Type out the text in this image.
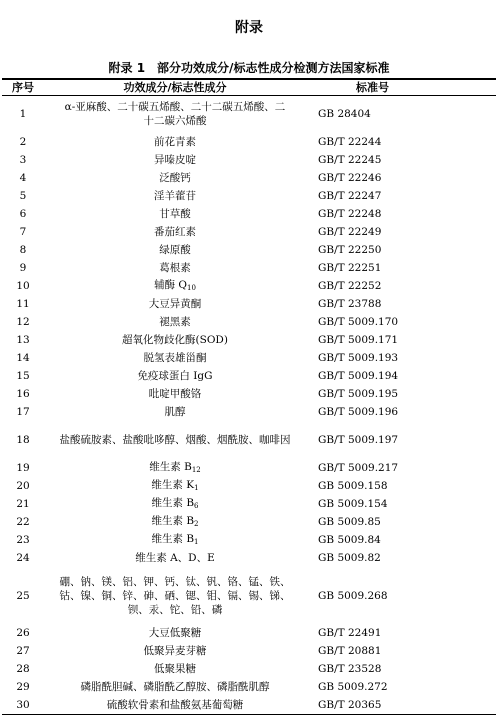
附录
附录 1　部分功效成分/标志性成分检测方法国家标准
序号	功效成分/标志性成分	标准号
1	α-亚麻酸、二十碳五烯酸、二十二碳五烯酸、二十二碳六烯酸	GB 28404
2	前花青素	GB/T 22244
3	异嗪皮啶	GB/T 22245
4	泛酸钙	GB/T 22246
5	淫羊藿苷	GB/T 22247
6	甘草酸	GB/T 22248
7	番茄红素	GB/T 22249
8	绿原酸	GB/T 22250
9	葛根素	GB/T 22251
10	辅酶 $Q_{10}$	GB/T 22252
11	大豆异黄酮	GB/T 23788
12	褪黑素	GB/T 5009.170
13	超氧化物歧化酶(SOD)	GB/T 5009.171
14	脱氢表雄甾酮	GB/T 5009.193
15	免疫球蛋白 IgG	GB/T 5009.194
16	吡啶甲酸铬	GB/T 5009.195
17	肌醇	GB/T 5009.196
18	盐酸硫胺素、盐酸吡哆醇、烟酸、烟酰胺、咖啡因	GB/T 5009.197
19	维生素 $B_{12}$	GB/T 5009.217
20	维生素 $K_1$	GB 5009.158
21	维生素 $B_6$	GB 5009.154
22	维生素 $B_2$	GB 5009.85
23	维生素 $B_1$	GB 5009.84
24	维生素 A、D、E	GB 5009.82
25	硼、钠、镁、铝、钾、钙、钛、钒、铬、锰、铁、钴、镍、铜、锌、砷、硒、锶、钼、镉、锡、锑、钡、汞、铊、铅、磷	GB 5009.268
26	大豆低聚糖	GB/T 22491
27	低聚异麦芽糖	GB/T 20881
28	低聚果糖	GB/T 23528
29	磷脂酰胆碱、磷脂酰乙醇胺、磷脂酰肌醇	GB 5009.272
30	硫酸软骨素和盐酸氨基葡萄糖	GB/T 20365
